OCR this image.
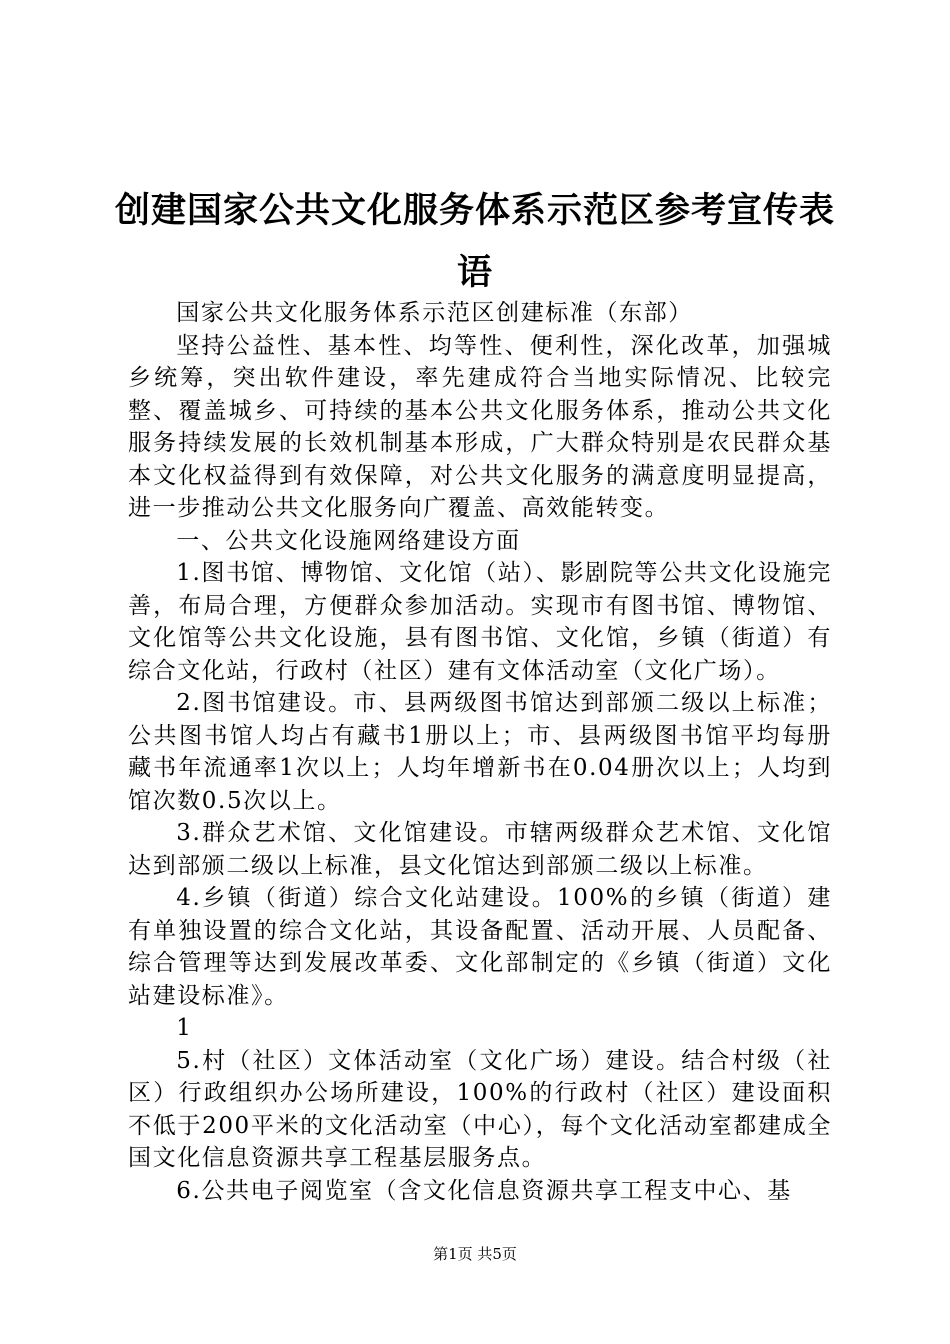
创建国家公共文化服务体系示范区参考宣传表语

国家公共文化服务体系示范区创建标准（东部）

坚持公益性、基本性、均等性、便利性，深化改革，加强城乡统筹，突出软件建设，率先建成符合当地实际情况、比较完整、覆盖城乡、可持续的基本公共文化服务体系，推动公共文化服务持续发展的长效机制基本形成，广大群众特别是农民群众基本文化权益得到有效保障，对公共文化服务的满意度明显提高，进一步推动公共文化服务向广覆盖、高效能转变。

一、公共文化设施网络建设方面

1.图书馆、博物馆、文化馆（站）、影剧院等公共文化设施完善，布局合理，方便群众参加活动。实现市有图书馆、博物馆、文化馆等公共文化设施，县有图书馆、文化馆，乡镇（街道）有综合文化站，行政村（社区）建有文体活动室（文化广场）。

2.图书馆建设。市、县两级图书馆达到部颁二级以上标准；公共图书馆人均占有藏书1册以上；市、县两级图书馆平均每册藏书年流通率1次以上；人均年增新书在0.04册次以上；人均到馆次数0.5次以上。

3.群众艺术馆、文化馆建设。市辖两级群众艺术馆、文化馆达到部颁二级以上标准，县文化馆达到部颁二级以上标准。

4.乡镇（街道）综合文化站建设。100%的乡镇（街道）建有单独设置的综合文化站，其设备配置、活动开展、人员配备、综合管理等达到发展改革委、文化部制定的《乡镇（街道）文化站建设标准》。

1

5.村（社区）文体活动室（文化广场）建设。结合村级（社区）行政组织办公场所建设，100%的行政村（社区）建设面积不低于200平米的文化活动室（中心），每个文化活动室都建成全国文化信息资源共享工程基层服务点。

6.公共电子阅览室（含文化信息资源共享工程支中心、基

第1页 共5页
